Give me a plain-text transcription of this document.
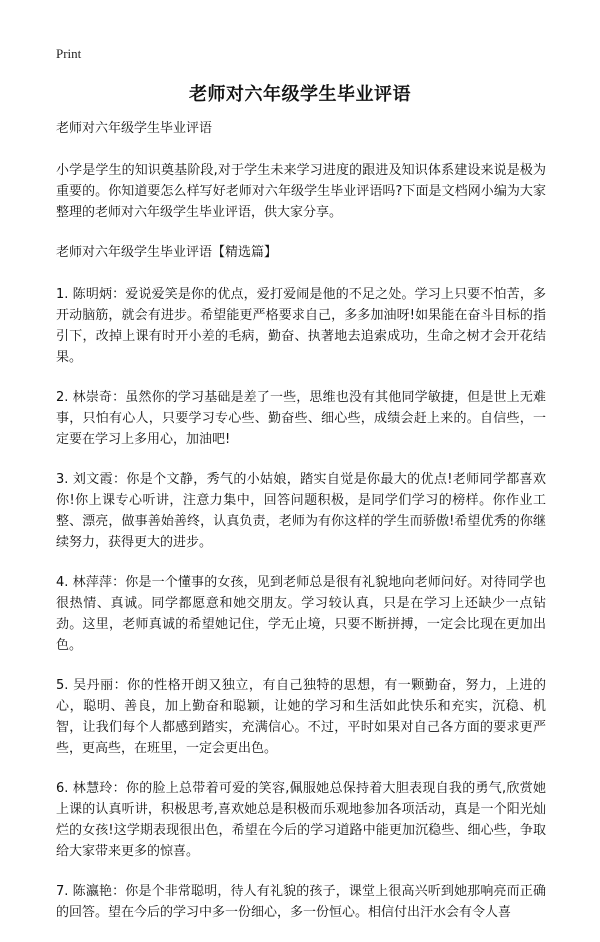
Print
老师对六年级学生毕业评语

老师对六年级学生毕业评语

小学是学生的知识奠基阶段,对于学生未来学习进度的跟进及知识体系建设来说是极为重要的。你知道要怎么样写好老师对六年级学生毕业评语吗?下面是文档网小编为大家整理的老师对六年级学生毕业评语，供大家分享。

老师对六年级学生毕业评语【精选篇】

1. 陈明炳：爱说爱笑是你的优点，爱打爱闹是他的不足之处。学习上只要不怕苦，多开动脑筋，就会有进步。希望能更严格要求自己，多多加油呀!如果能在奋斗目标的指引下，改掉上课有时开小差的毛病，勤奋、执著地去追索成功，生命之树才会开花结果。

2. 林崇奇：虽然你的学习基础是差了一些，思维也没有其他同学敏捷，但是世上无难事，只怕有心人，只要学习专心些、勤奋些、细心些，成绩会赶上来的。自信些，一定要在学习上多用心，加油吧!

3. 刘文霞：你是个文静，秀气的小姑娘，踏实自觉是你最大的优点!老师同学都喜欢你!你上课专心听讲，注意力集中，回答问题积极，是同学们学习的榜样。你作业工整、漂亮，做事善始善终，认真负责，老师为有你这样的学生而骄傲!希望优秀的你继续努力，获得更大的进步。

4. 林萍萍：你是一个懂事的女孩，见到老师总是很有礼貌地向老师问好。对待同学也很热情、真诚。同学都愿意和她交朋友。学习较认真，只是在学习上还缺少一点钻劲。这里，老师真诚的希望她记住，学无止境，只要不断拼搏，一定会比现在更加出色。

5. 吴丹丽：你的性格开朗又独立，有自己独特的思想，有一颗勤奋，努力，上进的心，聪明、善良，加上勤奋和聪颖，让她的学习和生活如此快乐和充实，沉稳、机智，让我们每个人都感到踏实，充满信心。不过，平时如果对自己各方面的要求更严些，更高些，在班里，一定会更出色。

6. 林慧玲：你的脸上总带着可爱的笑容,佩服她总保持着大胆表现自我的勇气,欣赏她上课的认真听讲，积极思考,喜欢她总是积极而乐观地参加各项活动，真是一个阳光灿烂的女孩!这学期表现很出色，希望在今后的学习道路中能更加沉稳些、细心些，争取给大家带来更多的惊喜。

7. 陈瀛艳：你是个非常聪明，待人有礼貌的孩子，课堂上很高兴听到她那响亮而正确的回答。望在今后的学习中多一份细心，多一份恒心。相信付出汗水会有令人喜
